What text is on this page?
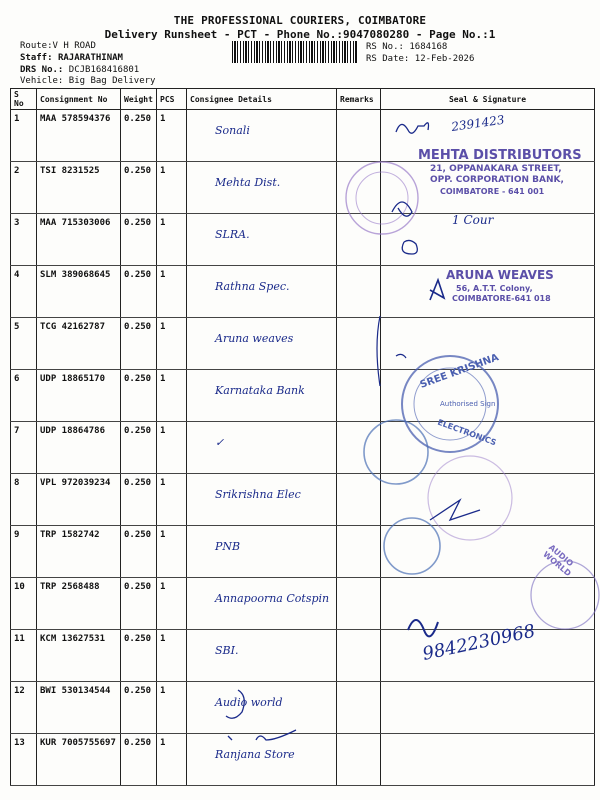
THE PROFESSIONAL COURIERS, COIMBATORE
Delivery Runsheet - PCT - Phone No.:9047080280 - Page No.:1
Route:V H ROAD
Staff: RAJARATHINAM
DRS No.: DCJB168416801
Vehicle: Big Bag Delivery
RS No.: 1684168
RS Date: 12-Feb-2026
S No	Consignment No	Weight	PCS	Consignee Details	Remarks	Seal & Signature
1	MAA 578594376	0.250	1	Sonali		
2	TSI 8231525	0.250	1	Mehta Dist.		
3	MAA 715303006	0.250	1	SLRA.		
4	SLM 389068645	0.250	1	Rathna Spec.		
5	TCG 42162787	0.250	1	Aruna weaves		
6	UDP 18865170	0.250	1	Karnataka Bank		
7	UDP 18864786	0.250	1	✓		
8	VPL 972039234	0.250	1	Srikrishna Elec		
9	TRP 1582742	0.250	1	PNB		
10	TRP 2568488	0.250	1	Annapoorna Cotspin		
11	KCM 13627531	0.250	1	SBI.		
12	BWI 530134544	0.250	1	Audio world		
13	KUR 7005755697	0.250	1	Ranjana Store		
2391423
1 Cour
9842230968
MEHTA DISTRIBUTORS
21, OPPANAKARA STREET,
OPP. CORPORATION BANK,
COIMBATORE - 641 001
ARUNA WEAVES
56, A.T.T. Colony,
COIMBATORE-641 018
SREE KRISHNA
Authorised Sign
ELECTRONICS
AUDIO WORLD
